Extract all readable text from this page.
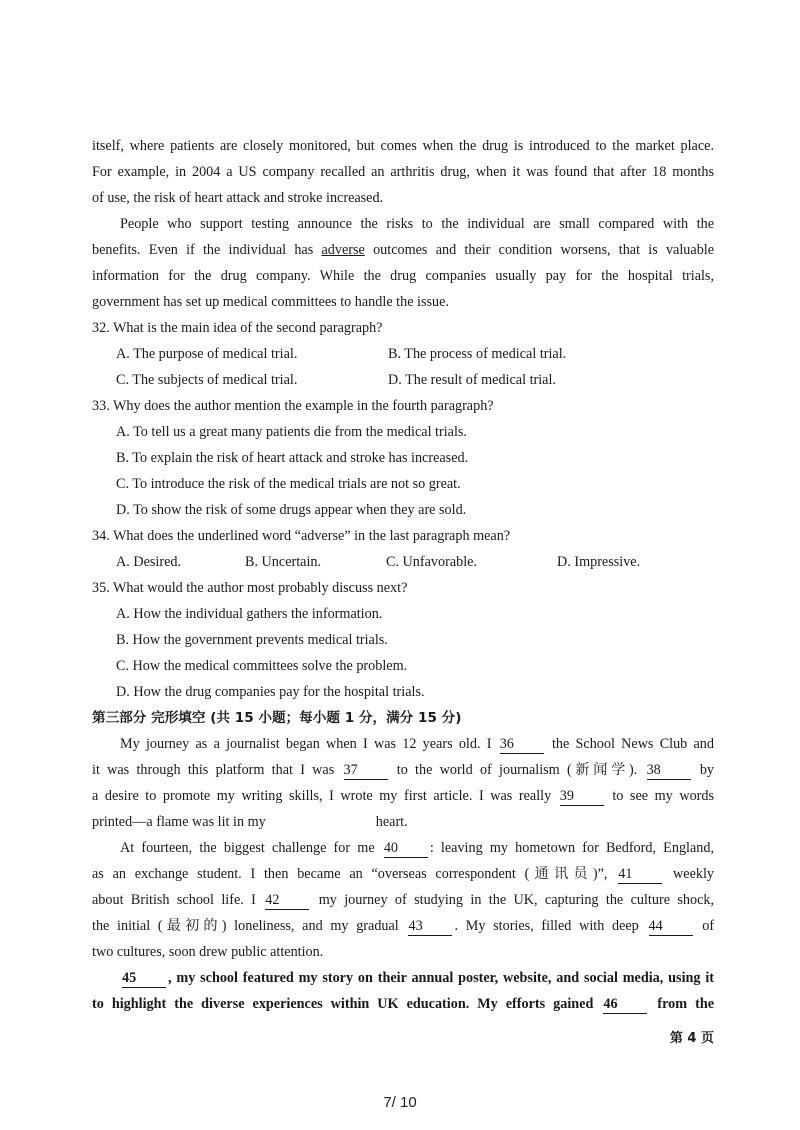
itself, where patients are closely monitored, but comes when the drug is introduced to the market place.
For example, in 2004 a US company recalled an arthritis drug, when it was found that after 18 months
of use, the risk of heart attack and stroke increased.
People who support testing announce the risks to the individual are small compared with the
benefits. Even if the individual has adverse outcomes and their condition worsens, that is valuable
information for the drug company. While the drug companies usually pay for the hospital trials,
government has set up medical committees to handle the issue.
32. What is the main idea of the second paragraph?
A. The purpose of medical trial.	B. The process of medical trial.
C. The subjects of medical trial.	D. The result of medical trial.
33. Why does the author mention the example in the fourth paragraph?
A. To tell us a great many patients die from the medical trials.
B. To explain the risk of heart attack and stroke has increased.
C. To introduce the risk of the medical trials are not so great.
D. To show the risk of some drugs appear when they are sold.
34. What does the underlined word “adverse” in the last paragraph mean?
A. Desired.	B. Uncertain.	C. Unfavorable.	D. Impressive.
35. What would the author most probably discuss next?
A. How the individual gathers the information.
B. How the government prevents medical trials.
C. How the medical committees solve the problem.
D. How the drug companies pay for the hospital trials.
第三部分 完形填空 (共 15 小题；每小题 1 分，满分 15 分)
My journey as a journalist began when I was 12 years old. I 36	the School News Club and
it was through this platform that I was 37	to the world of journalism (新闻学). 38	by
a desire to promote my writing skills, I wrote my first article. I was really 39	to see my words
printed—a flame was lit in my	heart.
At fourteen, the biggest challenge for me 40 : leaving my hometown for Bedford, England,
as an exchange student. I then became an “overseas correspondent (通讯员)”, 41	weekly
about British school life. I 42	my journey of studying in the UK, capturing the culture shock,
the initial (最初的) loneliness, and my gradual 43 . My stories, filled with deep 44	of
two cultures, soon drew public attention.
45 , my school featured my story on their annual poster, website, and social media, using it
to highlight the diverse experiences within UK education. My efforts gained 46	from the
第 4 页
7/ 10
